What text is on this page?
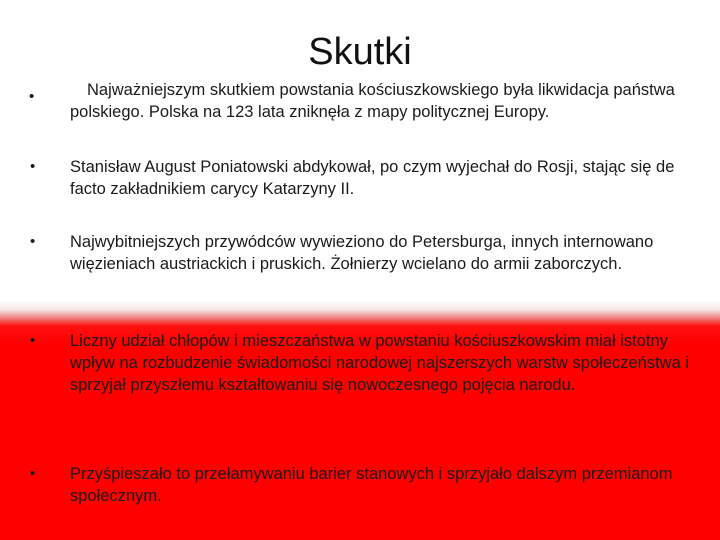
Skutki
•	Najważniejszym skutkiem powstania kościuszkowskiego była likwidacja państwa polskiego. Polska na 123 lata zniknęła z mapy politycznej Europy.
• Stanisław August Poniatowski abdykował, po czym wyjechał do Rosji, stając się de facto zakładnikiem carycy Katarzyny II.
• Najwybitniejszych przywódców wywieziono do Petersburga, innych internowano więzieniach austriackich i pruskich. Żołnierzy wcielano do armii zaborczych.
• Liczny udział chłopów i mieszczaństwa w powstaniu kościuszkowskim miał istotny wpływ na rozbudzenie świadomości narodowej najszerszych warstw społeczeństwa i sprzyjał przyszłemu kształtowaniu się nowoczesnego pojęcia narodu.
• Przyśpieszało to przełamywaniu barier stanowych i sprzyjało dalszym przemianom społecznym.
